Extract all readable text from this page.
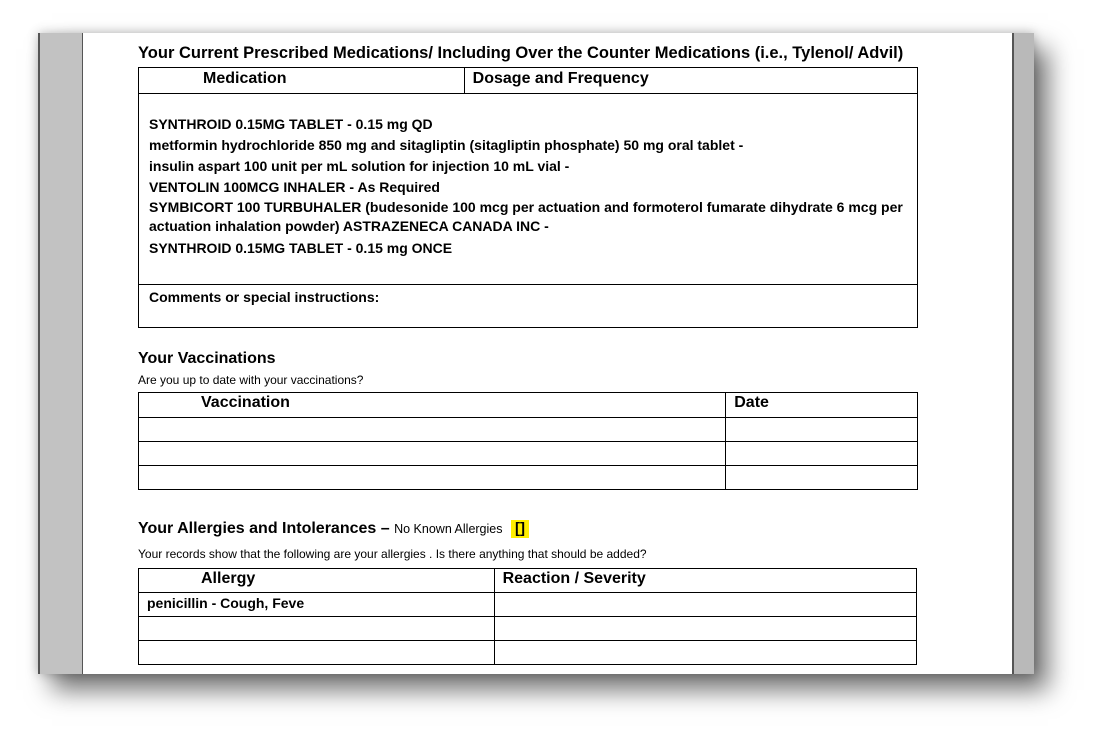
Your Current Prescribed Medications/ Including Over the Counter Medications (i.e., Tylenol/ Advil)
Medication	Dosage and Frequency

SYNTHROID 0.15MG TABLET - 0.15 mg QD
metformin hydrochloride 850 mg and sitagliptin (sitagliptin phosphate) 50 mg oral tablet -
insulin aspart 100 unit per mL solution for injection 10 mL vial -
VENTOLIN 100MCG INHALER - As Required
SYMBICORT 100 TURBUHALER (budesonide 100 mcg per actuation and formoterol fumarate dihydrate 6 mcg per actuation inhalation powder) ASTRAZENECA CANADA INC -
SYNTHROID 0.15MG TABLET - 0.15 mg ONCE

Comments or special instructions:
Your Vaccinations
Are you up to date with your vaccinations?
Vaccination	Date

Your Allergies and Intolerances – No Known Allergies []
Your records show that the following are your allergies . Is there anything that should be added?
Allergy	Reaction / Severity
penicillin - Cough, Feve	
